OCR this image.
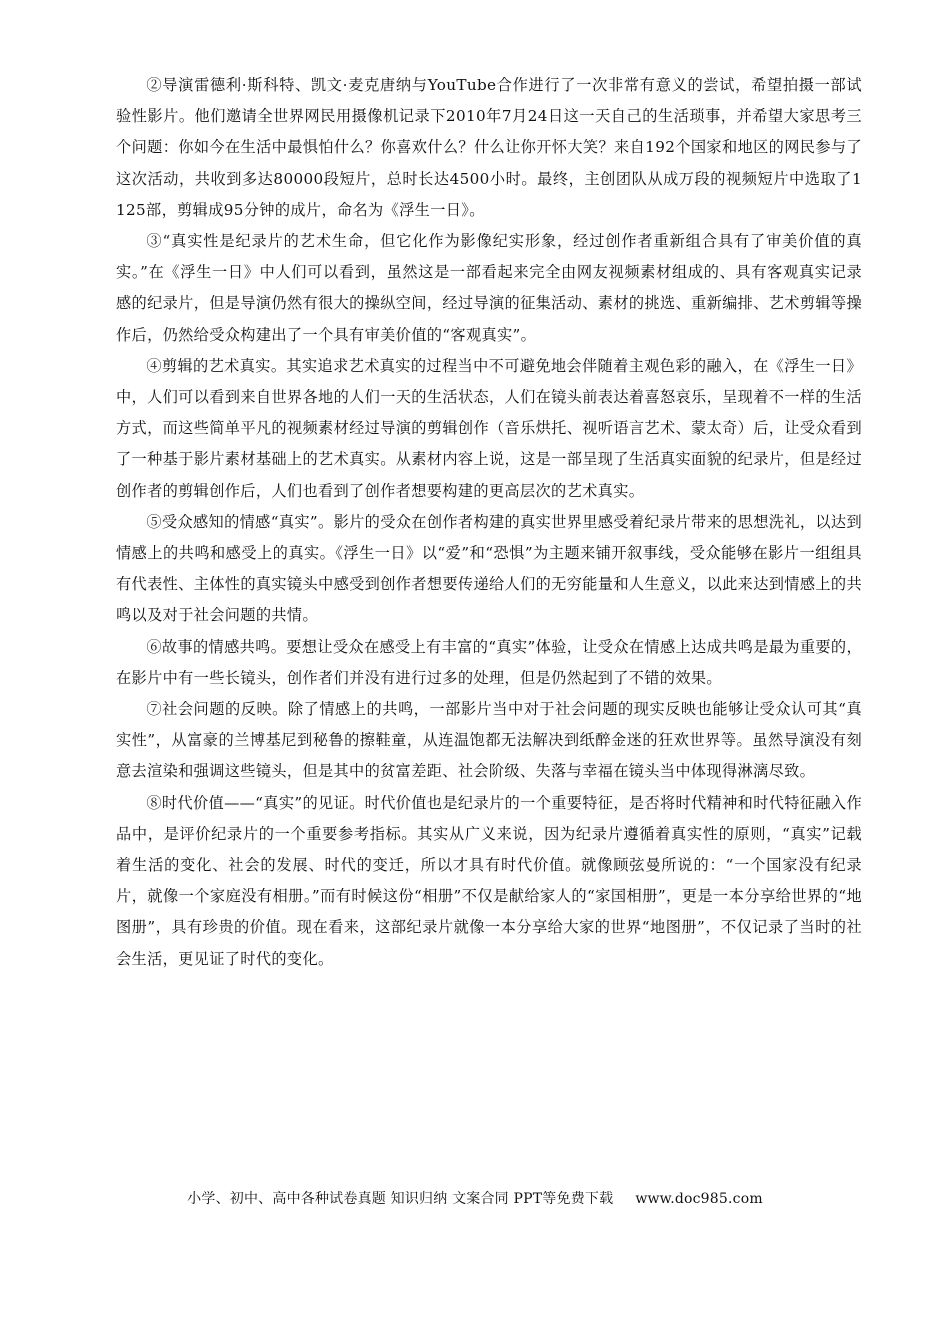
②导演雷德利·斯科特、凯文·麦克唐纳与YouTube合作进行了一次非常有意义的尝试，希望拍摄一部试验性影片。他们邀请全世界网民用摄像机记录下2010年7月24日这一天自己的生活琐事，并希望大家思考三个问题：你如今在生活中最惧怕什么？你喜欢什么？什么让你开怀大笑？来自192个国家和地区的网民参与了这次活动，共收到多达80000段短片，总时长达4500小时。最终，主创团队从成万段的视频短片中选取了1125部，剪辑成95分钟的成片，命名为《浮生一日》。

③“真实性是纪录片的艺术生命，但它化作为影像纪实形象，经过创作者重新组合具有了审美价值的真实。”在《浮生一日》中人们可以看到，虽然这是一部看起来完全由网友视频素材组成的、具有客观真实记录感的纪录片，但是导演仍然有很大的操纵空间，经过导演的征集活动、素材的挑选、重新编排、艺术剪辑等操作后，仍然给受众构建出了一个具有审美价值的“客观真实”。

④剪辑的艺术真实。其实追求艺术真实的过程当中不可避免地会伴随着主观色彩的融入，在《浮生一日》中，人们可以看到来自世界各地的人们一天的生活状态，人们在镜头前表达着喜怒哀乐，呈现着不一样的生活方式，而这些简单平凡的视频素材经过导演的剪辑创作（音乐烘托、视听语言艺术、蒙太奇）后，让受众看到了一种基于影片素材基础上的艺术真实。从素材内容上说，这是一部呈现了生活真实面貌的纪录片，但是经过创作者的剪辑创作后，人们也看到了创作者想要构建的更高层次的艺术真实。

⑤受众感知的情感“真实”。影片的受众在创作者构建的真实世界里感受着纪录片带来的思想洗礼，以达到情感上的共鸣和感受上的真实。《浮生一日》以“爱”和“恐惧”为主题来铺开叙事线，受众能够在影片一组组具有代表性、主体性的真实镜头中感受到创作者想要传递给人们的无穷能量和人生意义，以此来达到情感上的共鸣以及对于社会问题的共情。

⑥故事的情感共鸣。要想让受众在感受上有丰富的“真实”体验，让受众在情感上达成共鸣是最为重要的，在影片中有一些长镜头，创作者们并没有进行过多的处理，但是仍然起到了不错的效果。

⑦社会问题的反映。除了情感上的共鸣，一部影片当中对于社会问题的现实反映也能够让受众认可其“真实性”，从富豪的兰博基尼到秘鲁的擦鞋童，从连温饱都无法解决到纸醉金迷的狂欢世界等。虽然导演没有刻意去渲染和强调这些镜头，但是其中的贫富差距、社会阶级、失落与幸福在镜头当中体现得淋漓尽致。

⑧时代价值——“真实”的见证。时代价值也是纪录片的一个重要特征，是否将时代精神和时代特征融入作品中，是评价纪录片的一个重要参考指标。其实从广义来说，因为纪录片遵循着真实性的原则，“真实”记载着生活的变化、社会的发展、时代的变迁，所以才具有时代价值。就像顾弦曼所说的：“一个国家没有纪录片，就像一个家庭没有相册。”而有时候这份“相册”不仅是献给家人的“家国相册”，更是一本分享给世界的“地图册”，具有珍贵的价值。现在看来，这部纪录片就像一本分享给大家的世界“地图册”，不仅记录了当时的社会生活，更见证了时代的变化。

小学、初中、高中各种试卷真题 知识归纳 文案合同 PPT等免费下载 www.doc985.com
